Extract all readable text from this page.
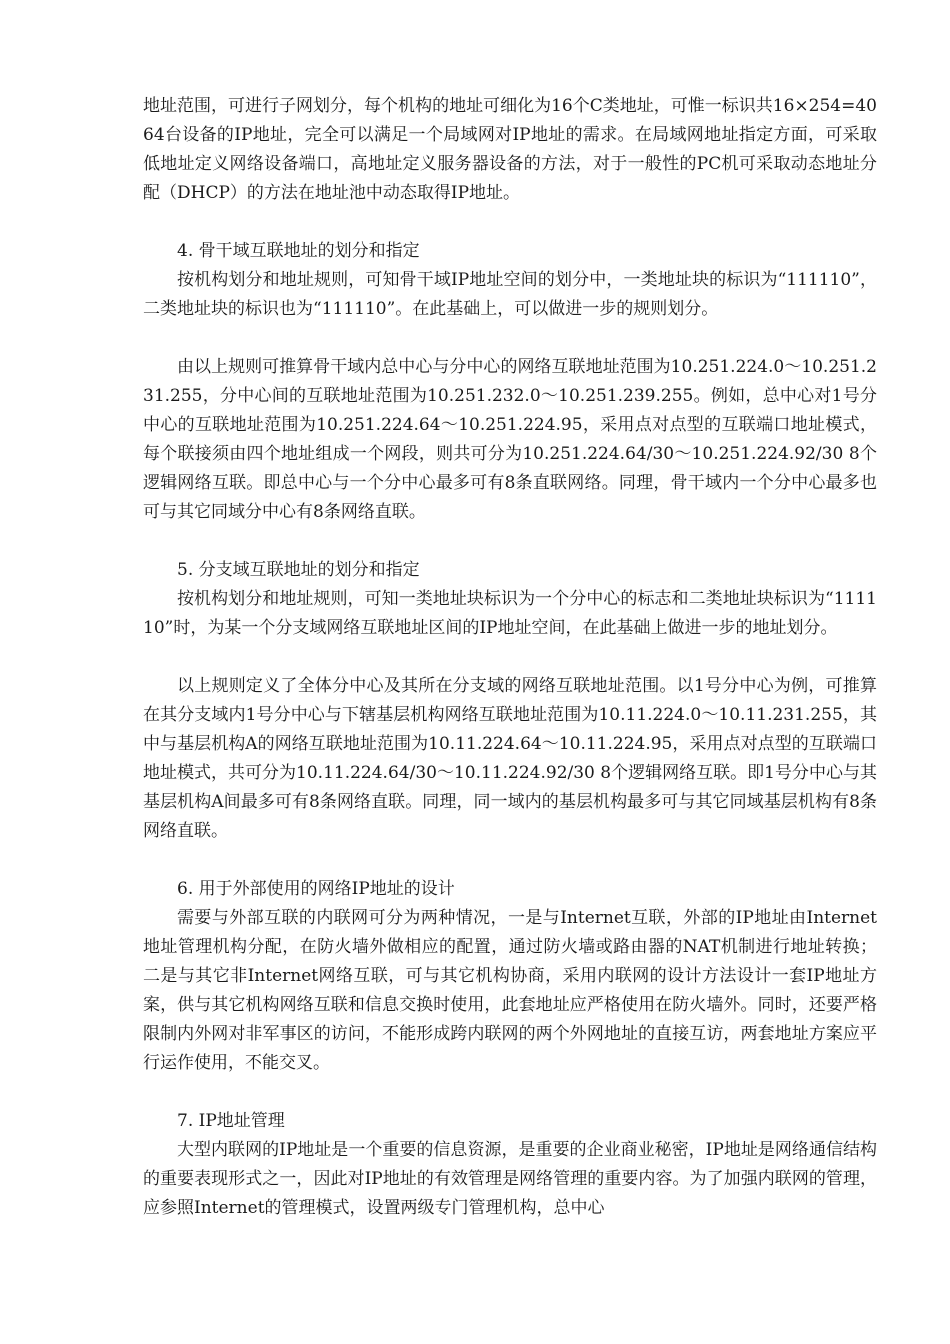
地址范围，可进行子网划分，每个机构的地址可细化为16个C类地址，可惟一标识共16×254=4064台设备的IP地址，完全可以满足一个局域网对IP地址的需求。在局域网地址指定方面，可采取低地址定义网络设备端口，高地址定义服务器设备的方法，对于一般性的PC机可采取动态地址分配（DHCP）的方法在地址池中动态取得IP地址。

4. 骨干域互联地址的划分和指定

按机构划分和地址规则，可知骨干域IP地址空间的划分中，一类地址块的标识为“111110”，二类地址块的标识也为“111110”。在此基础上，可以做进一步的规则划分。

由以上规则可推算骨干域内总中心与分中心的网络互联地址范围为10.251.224.0～10.251.231.255，分中心间的互联地址范围为10.251.232.0～10.251.239.255。例如，总中心对1号分中心的互联地址范围为10.251.224.64～10.251.224.95，采用点对点型的互联端口地址模式，每个联接须由四个地址组成一个网段，则共可分为10.251.224.64/30～10.251.224.92/30 8个逻辑网络互联。即总中心与一个分中心最多可有8条直联网络。同理，骨干域内一个分中心最多也可与其它同域分中心有8条网络直联。

5. 分支域互联地址的划分和指定

按机构划分和地址规则，可知一类地址块标识为一个分中心的标志和二类地址块标识为“111110”时，为某一个分支域网络互联地址区间的IP地址空间，在此基础上做进一步的地址划分。

以上规则定义了全体分中心及其所在分支域的网络互联地址范围。以1号分中心为例，可推算在其分支域内1号分中心与下辖基层机构网络互联地址范围为10.11.224.0～10.11.231.255，其中与基层机构A的网络互联地址范围为10.11.224.64～10.11.224.95，采用点对点型的互联端口地址模式，共可分为10.11.224.64/30～10.11.224.92/30 8个逻辑网络互联。即1号分中心与其基层机构A间最多可有8条网络直联。同理，同一域内的基层机构最多可与其它同域基层机构有8条网络直联。

6. 用于外部使用的网络IP地址的设计

需要与外部互联的内联网可分为两种情况，一是与Internet互联，外部的IP地址由Internet地址管理机构分配，在防火墙外做相应的配置，通过防火墙或路由器的NAT机制进行地址转换；二是与其它非Internet网络互联，可与其它机构协商，采用内联网的设计方法设计一套IP地址方案，供与其它机构网络互联和信息交换时使用，此套地址应严格使用在防火墙外。同时，还要严格限制内外网对非军事区的访问，不能形成跨内联网的两个外网地址的直接互访，两套地址方案应平行运作使用，不能交叉。

7. IP地址管理

大型内联网的IP地址是一个重要的信息资源，是重要的企业商业秘密，IP地址是网络通信结构的重要表现形式之一，因此对IP地址的有效管理是网络管理的重要内容。为了加强内联网的管理，应参照Internet的管理模式，设置两级专门管理机构，总中心
